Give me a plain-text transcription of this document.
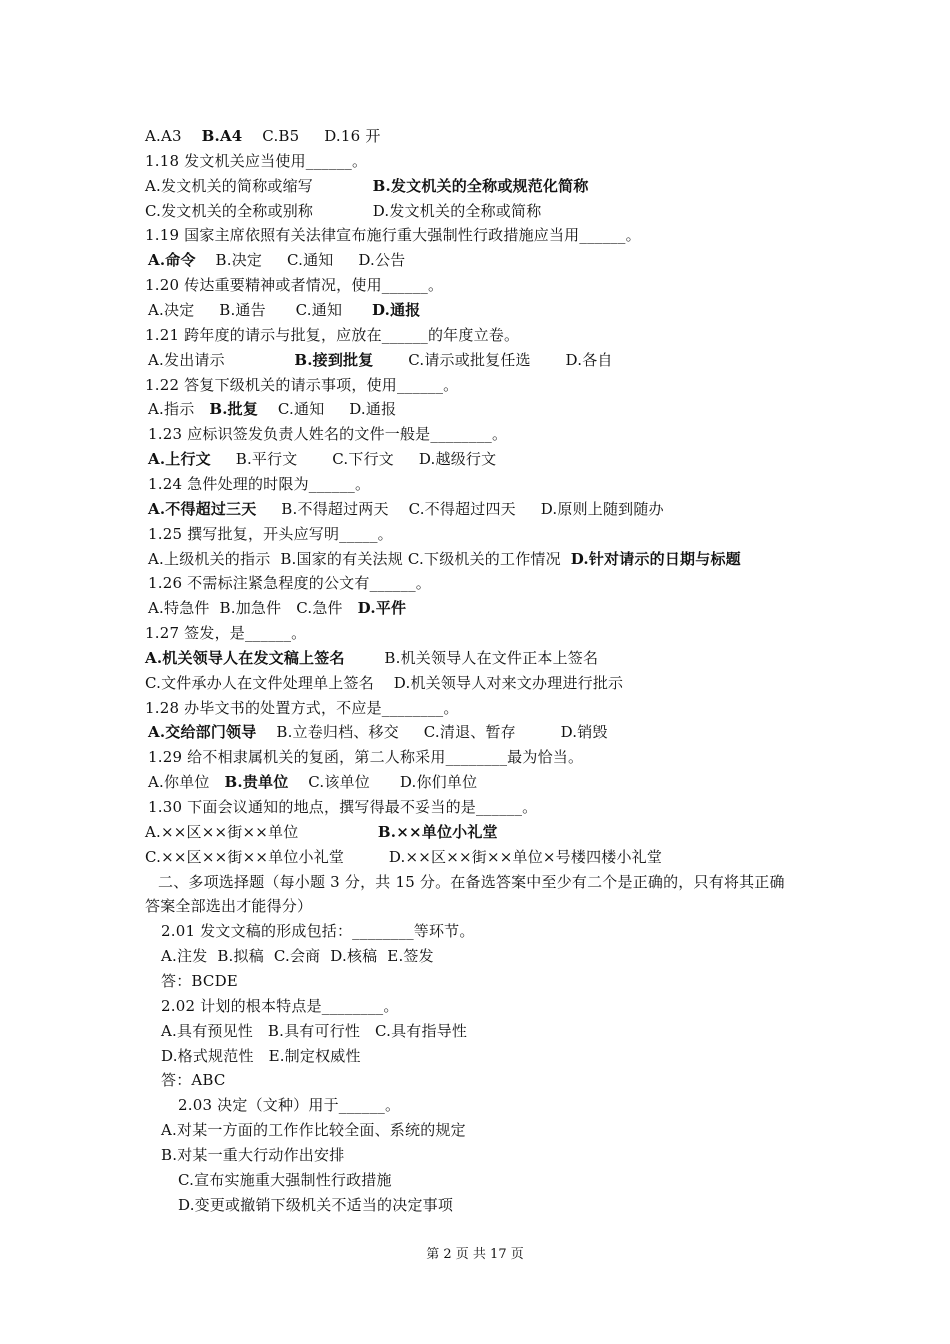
A.A3    B.A4    C.B5     D.16 开
1.18 发文机关应当使用______。
A.发文机关的简称或缩写            B.发文机关的全称或规范化简称
C.发文机关的全称或别称            D.发文机关的全称或简称
1.19 国家主席依照有关法律宣布施行重大强制性行政措施应当用______。
A.命令    B.决定     C.通知     D.公告
1.20 传达重要精神或者情况，使用______。
A.决定     B.通告      C.通知      D.通报
1.21 跨年度的请示与批复，应放在______的年度立卷。
A.发出请示              B.接到批复       C.请示或批复任选       D.各自
1.22 答复下级机关的请示事项，使用______。
A.指示   B.批复    C.通知     D.通报
1.23 应标识签发负责人姓名的文件一般是________。
A.上行文     B.平行文       C.下行文     D.越级行文
1.24 急件处理的时限为______。
A.不得超过三天     B.不得超过两天    C.不得超过四天     D.原则上随到随办
1.25 撰写批复，开头应写明_____。
A.上级机关的指示  B.国家的有关法规 C.下级机关的工作情况  D.针对请示的日期与标题
1.26 不需标注紧急程度的公文有______。
A.特急件  B.加急件   C.急件   D.平件
1.27 签发，是______。
A.机关领导人在发文稿上签名        B.机关领导人在文件正本上签名
C.文件承办人在文件处理单上签名    D.机关领导人对来文办理进行批示
1.28 办毕文书的处置方式，不应是________。
A.交给部门领导    B.立卷归档、移交     C.清退、暂存         D.销毁
1.29 给不相隶属机关的复函，第二人称采用________最为恰当。
A.你单位   B.贵单位    C.该单位      D.你们单位
1.30 下面会议通知的地点，撰写得最不妥当的是______。
A.××区××街××单位                B.××单位小礼堂
C.××区××街××单位小礼堂         D.××区××街××单位×号楼四楼小礼堂
二、多项选择题（每小题 3 分，共 15 分。在备选答案中至少有二个是正确的，只有将其正确
答案全部选出才能得分）
2.01 发文文稿的形成包括：________等环节。
A.注发  B.拟稿  C.会商  D.核稿  E.签发
答：BCDE
2.02 计划的根本特点是________。
A.具有预见性   B.具有可行性   C.具有指导性
D.格式规范性   E.制定权威性
答：ABC
2.03 决定（文种）用于______。
A.对某一方面的工作作比较全面、系统的规定
B.对某一重大行动作出安排
C.宣布实施重大强制性行政措施
D.变更或撤销下级机关不适当的决定事项
第 2 页 共 17 页
